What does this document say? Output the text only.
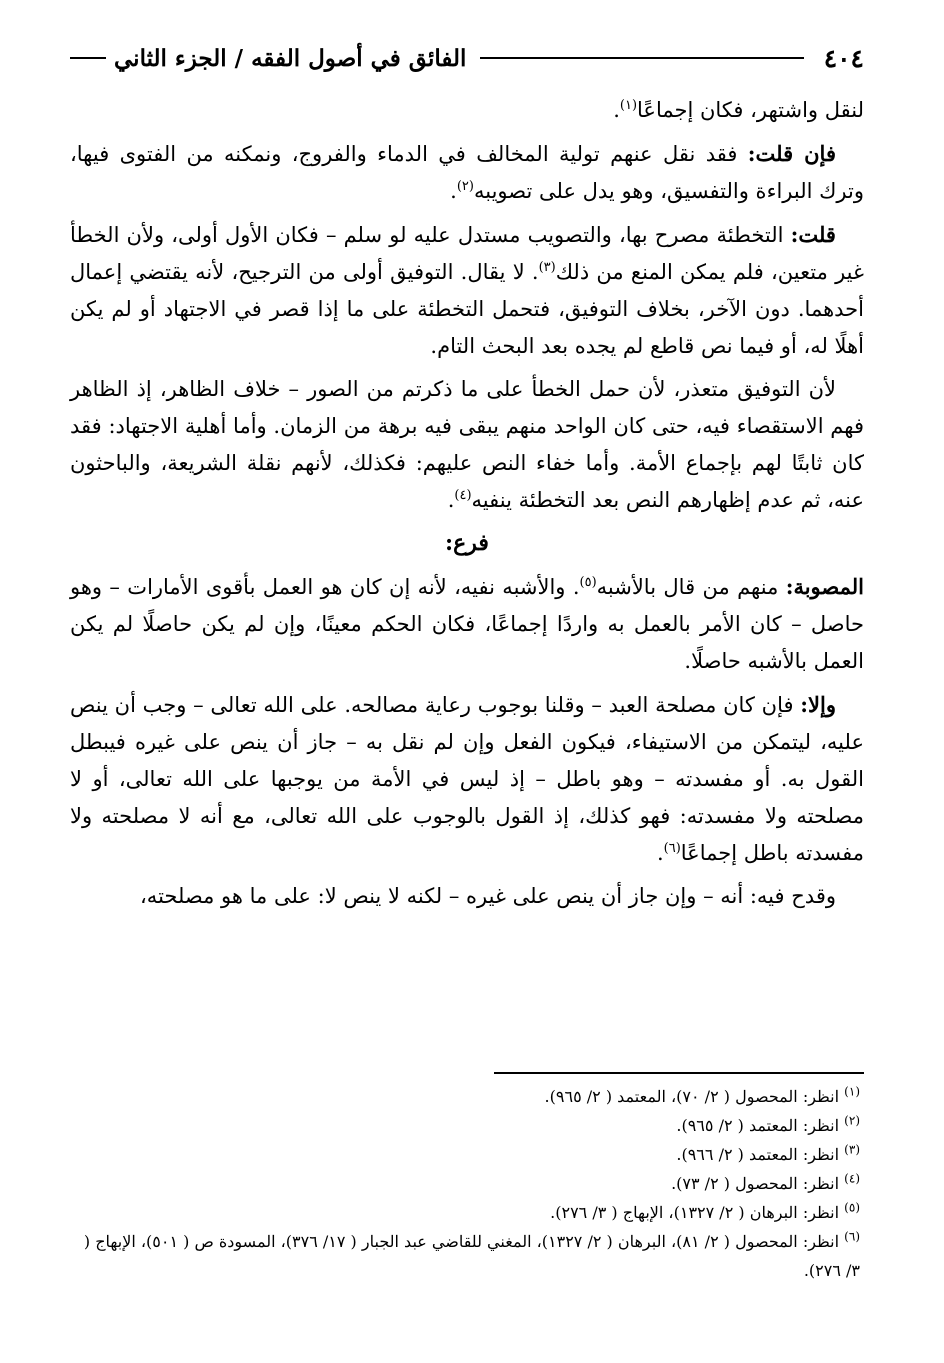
٤٠٤
الفائق في أصول الفقه / الجزء الثاني

لنقل واشتهر، فكان إجماعًا$^{(١)}$.

فإن قلت: فقد نقل عنهم تولية المخالف في الدماء والفروج، ونمكنه من الفتوى فيها، وترك البراءة والتفسيق، وهو يدل على تصويبه$^{(٢)}$.

قلت: التخطئة مصرح بها، والتصويب مستدل عليه لو سلم – فكان الأول أولى، ولأن الخطأ غير متعين، فلم يمكن المنع من ذلك$^{(٣)}$. لا يقال. التوفيق أولى من الترجيح، لأنه يقتضي إعمال أحدهما. دون الآخر، بخلاف التوفيق، فتحمل التخطئة على ما إذا قصر في الاجتهاد أو لم يكن أهلًا له، أو فيما نص قاطع لم يجده بعد البحث التام.

لأن التوفيق متعذر، لأن حمل الخطأ على ما ذكرتم من الصور – خلاف الظاهر، إذ الظاهر فهم الاستقصاء فيه، حتى كان الواحد منهم يبقى فيه برهة من الزمان. وأما أهلية الاجتهاد: فقد كان ثابتًا لهم بإجماع الأمة. وأما خفاء النص عليهم: فكذلك، لأنهم نقلة الشريعة، والباحثون عنه، ثم عدم إظهارهم النص بعد التخطئة ينفيه$^{(٤)}$.

فرع:

المصوبة: منهم من قال بالأشبه$^{(٥)}$. والأشبه نفيه، لأنه إن كان هو العمل بأقوى الأمارات – وهو حاصل – كان الأمر بالعمل به واردًا إجماعًا، فكان الحكم معينًا، وإن لم يكن حاصلًا لم يكن العمل بالأشبه حاصلًا.

وإلا: فإن كان مصلحة العبد – وقلنا بوجوب رعاية مصالحه. على الله تعالى – وجب أن ينص عليه، ليتمكن من الاستيفاء، فيكون الفعل وإن لم نقل به – جاز أن ينص على غيره فيبطل القول به. أو مفسدته – وهو باطل – إذ ليس في الأمة من يوجبها على الله تعالى، أو لا مصلحته ولا مفسدته: فهو كذلك، إذ القول بالوجوب على الله تعالى، مع أنه لا مصلحته ولا مفسدته باطل إجماعًا$^{(٦)}$.

وقدح فيه: أنه – وإن جاز أن ينص على غيره – لكنه لا ينص لا: على ما هو مصلحته،

$^{(١)}$ انظر: المحصول ( ٢/ ٧٠)، المعتمد ( ٢/ ٩٦٥).

$^{(٢)}$ انظر: المعتمد ( ٢/ ٩٦٥).

$^{(٣)}$ انظر: المعتمد ( ٢/ ٩٦٦).

$^{(٤)}$ انظر: المحصول ( ٢/ ٧٣).

$^{(٥)}$ انظر: البرهان ( ٢/ ١٣٢٧)، الإبهاج ( ٣/ ٢٧٦).

$^{(٦)}$ انظر: المحصول ( ٢/ ٨١)، البرهان ( ٢/ ١٣٢٧)، المغني للقاضي عبد الجبار ( ١٧/ ٣٧٦)، المسودة ص ( ٥٠١)، الإبهاج ( ٣/ ٢٧٦).
